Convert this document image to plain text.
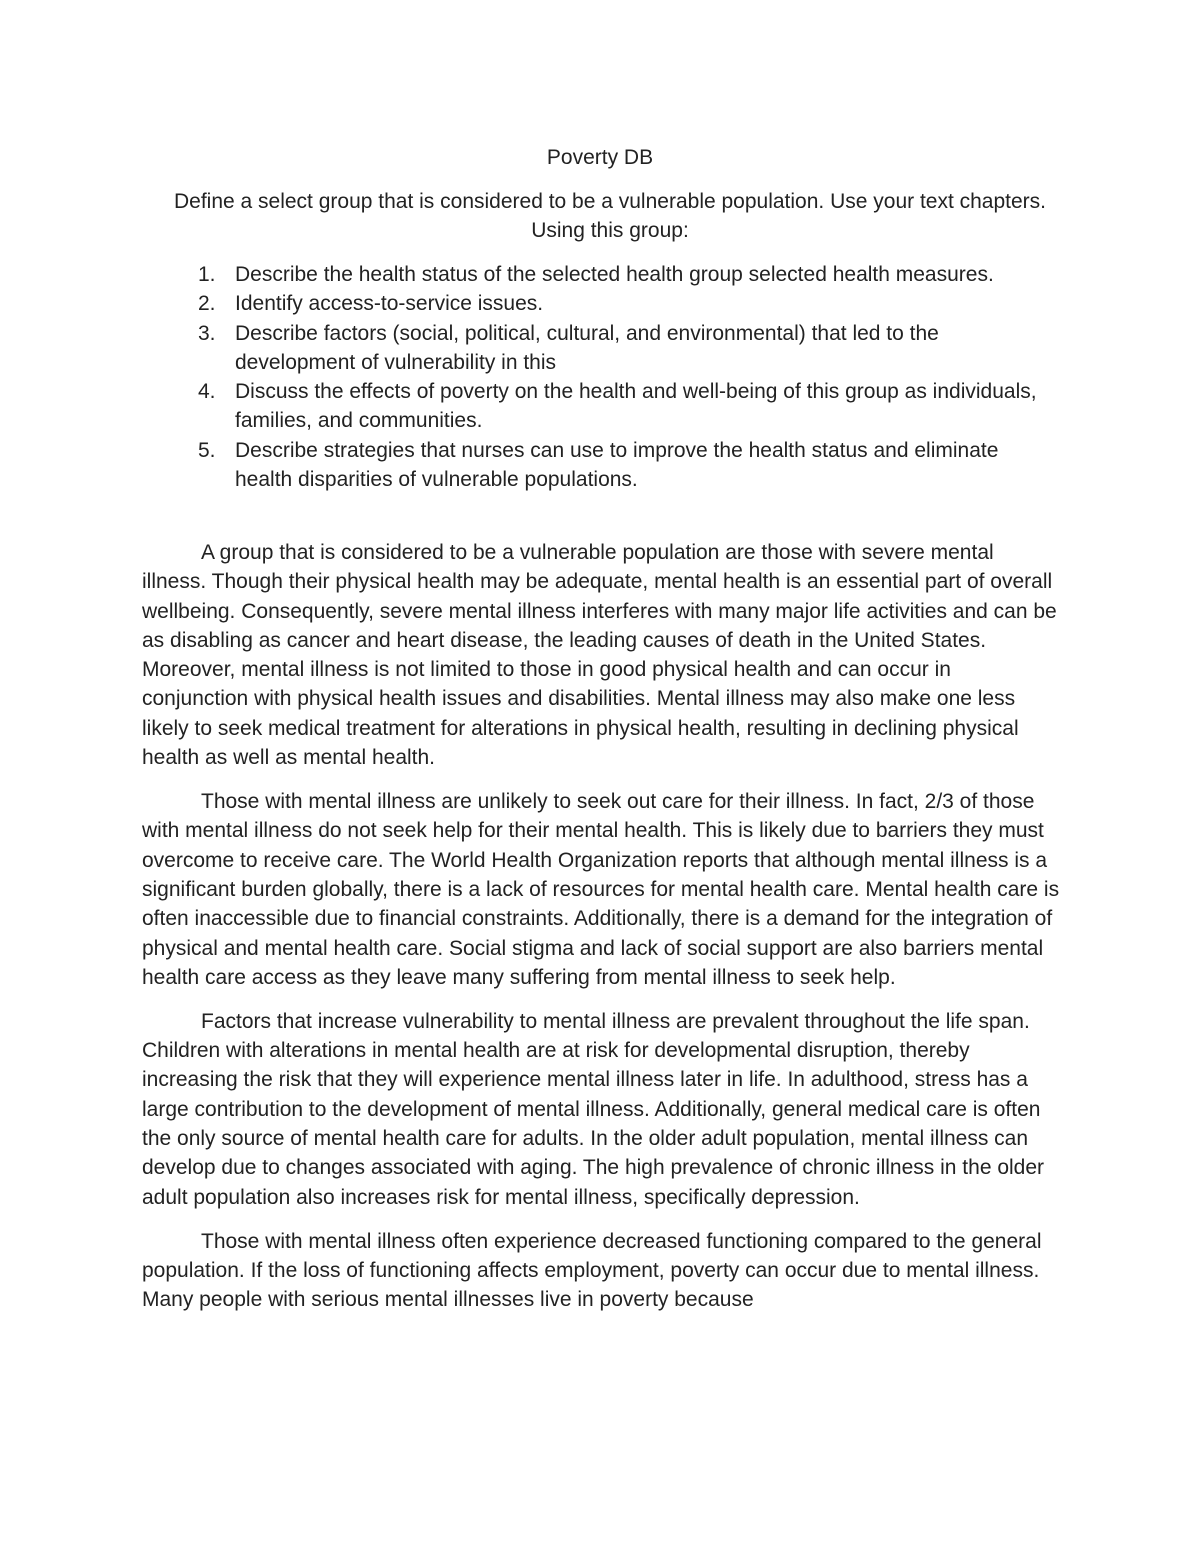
Poverty DB
Define a select group that is considered to be a vulnerable population. Use your text chapters. Using this group:
1. Describe the health status of the selected health group selected health measures.
2. Identify access-to-service issues.
3. Describe factors (social, political, cultural, and environmental) that led to the development of vulnerability in this
4. Discuss the effects of poverty on the health and well-being of this group as individuals, families, and communities.
5. Describe strategies that nurses can use to improve the health status and eliminate health disparities of vulnerable populations.

A group that is considered to be a vulnerable population are those with severe mental illness. Though their physical health may be adequate, mental health is an essential part of overall wellbeing. Consequently, severe mental illness interferes with many major life activities and can be as disabling as cancer and heart disease, the leading causes of death in the United States. Moreover, mental illness is not limited to those in good physical health and can occur in conjunction with physical health issues and disabilities. Mental illness may also make one less likely to seek medical treatment for alterations in physical health, resulting in declining physical health as well as mental health.

Those with mental illness are unlikely to seek out care for their illness. In fact, 2/3 of those with mental illness do not seek help for their mental health. This is likely due to barriers they must overcome to receive care. The World Health Organization reports that although mental illness is a significant burden globally, there is a lack of resources for mental health care. Mental health care is often inaccessible due to financial constraints. Additionally, there is a demand for the integration of physical and mental health care. Social stigma and lack of social support are also barriers mental health care access as they leave many suffering from mental illness to seek help.

Factors that increase vulnerability to mental illness are prevalent throughout the life span. Children with alterations in mental health are at risk for developmental disruption, thereby increasing the risk that they will experience mental illness later in life. In adulthood, stress has a large contribution to the development of mental illness. Additionally, general medical care is often the only source of mental health care for adults. In the older adult population, mental illness can develop due to changes associated with aging. The high prevalence of chronic illness in the older adult population also increases risk for mental illness, specifically depression.

Those with mental illness often experience decreased functioning compared to the general population. If the loss of functioning affects employment, poverty can occur due to mental illness. Many people with serious mental illnesses live in poverty because
